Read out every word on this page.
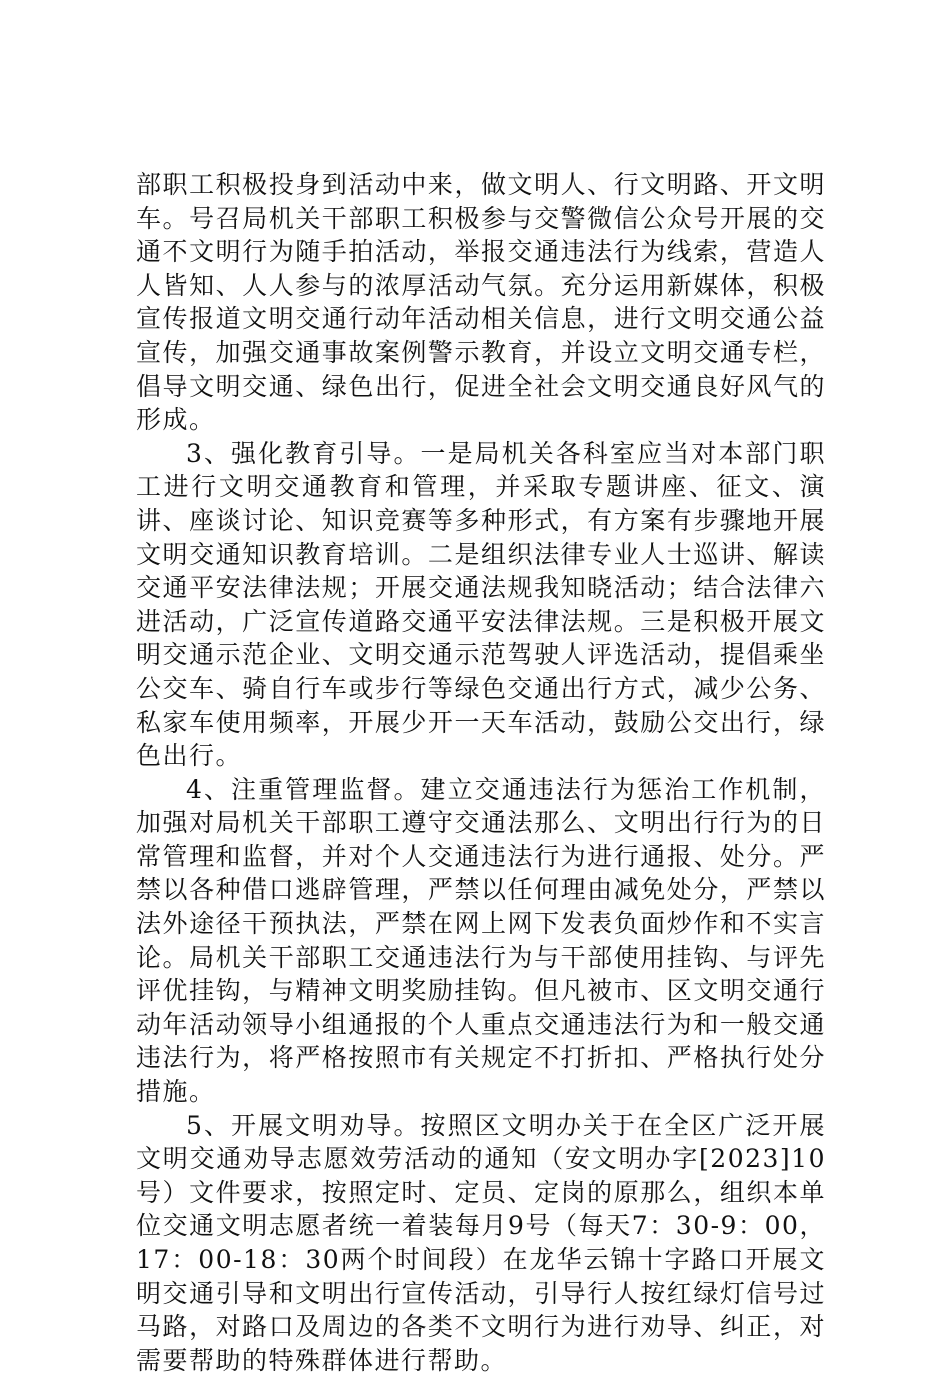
部职工积极投身到活动中来，做文明人、行文明路、开文明车。号召局机关干部职工积极参与交警微信公众号开展的交通不文明行为随手拍活动，举报交通违法行为线索，营造人人皆知、人人参与的浓厚活动气氛。充分运用新媒体，积极宣传报道文明交通行动年活动相关信息，进行文明交通公益宣传，加强交通事故案例警示教育，并设立文明交通专栏，倡导文明交通、绿色出行，促进全社会文明交通良好风气的形成。

3、强化教育引导。一是局机关各科室应当对本部门职工进行文明交通教育和管理，并采取专题讲座、征文、演讲、座谈讨论、知识竞赛等多种形式，有方案有步骤地开展文明交通知识教育培训。二是组织法律专业人士巡讲、解读交通平安法律法规；开展交通法规我知晓活动；结合法律六进活动，广泛宣传道路交通平安法律法规。三是积极开展文明交通示范企业、文明交通示范驾驶人评选活动，提倡乘坐公交车、骑自行车或步行等绿色交通出行方式，减少公务、私家车使用频率，开展少开一天车活动，鼓励公交出行，绿色出行。

4、注重管理监督。建立交通违法行为惩治工作机制，加强对局机关干部职工遵守交通法那么、文明出行行为的日常管理和监督，并对个人交通违法行为进行通报、处分。严禁以各种借口逃辟管理，严禁以任何理由减免处分，严禁以法外途径干预执法，严禁在网上网下发表负面炒作和不实言论。局机关干部职工交通违法行为与干部使用挂钩、与评先评优挂钩，与精神文明奖励挂钩。但凡被市、区文明交通行动年活动领导小组通报的个人重点交通违法行为和一般交通违法行为，将严格按照市有关规定不打折扣、严格执行处分措施。

5、开展文明劝导。按照区文明办关于在全区广泛开展文明交通劝导志愿效劳活动的通知（安文明办字[2023]10号）文件要求，按照定时、定员、定岗的原那么，组织本单位交通文明志愿者统一着装每月9号（每天7：30-9：00，17：00-18：30两个时间段）在龙华云锦十字路口开展文明交通引导和文明出行宣传活动，引导行人按红绿灯信号过马路，对路口及周边的各类不文明行为进行劝导、纠正，对需要帮助的特殊群体进行帮助。
